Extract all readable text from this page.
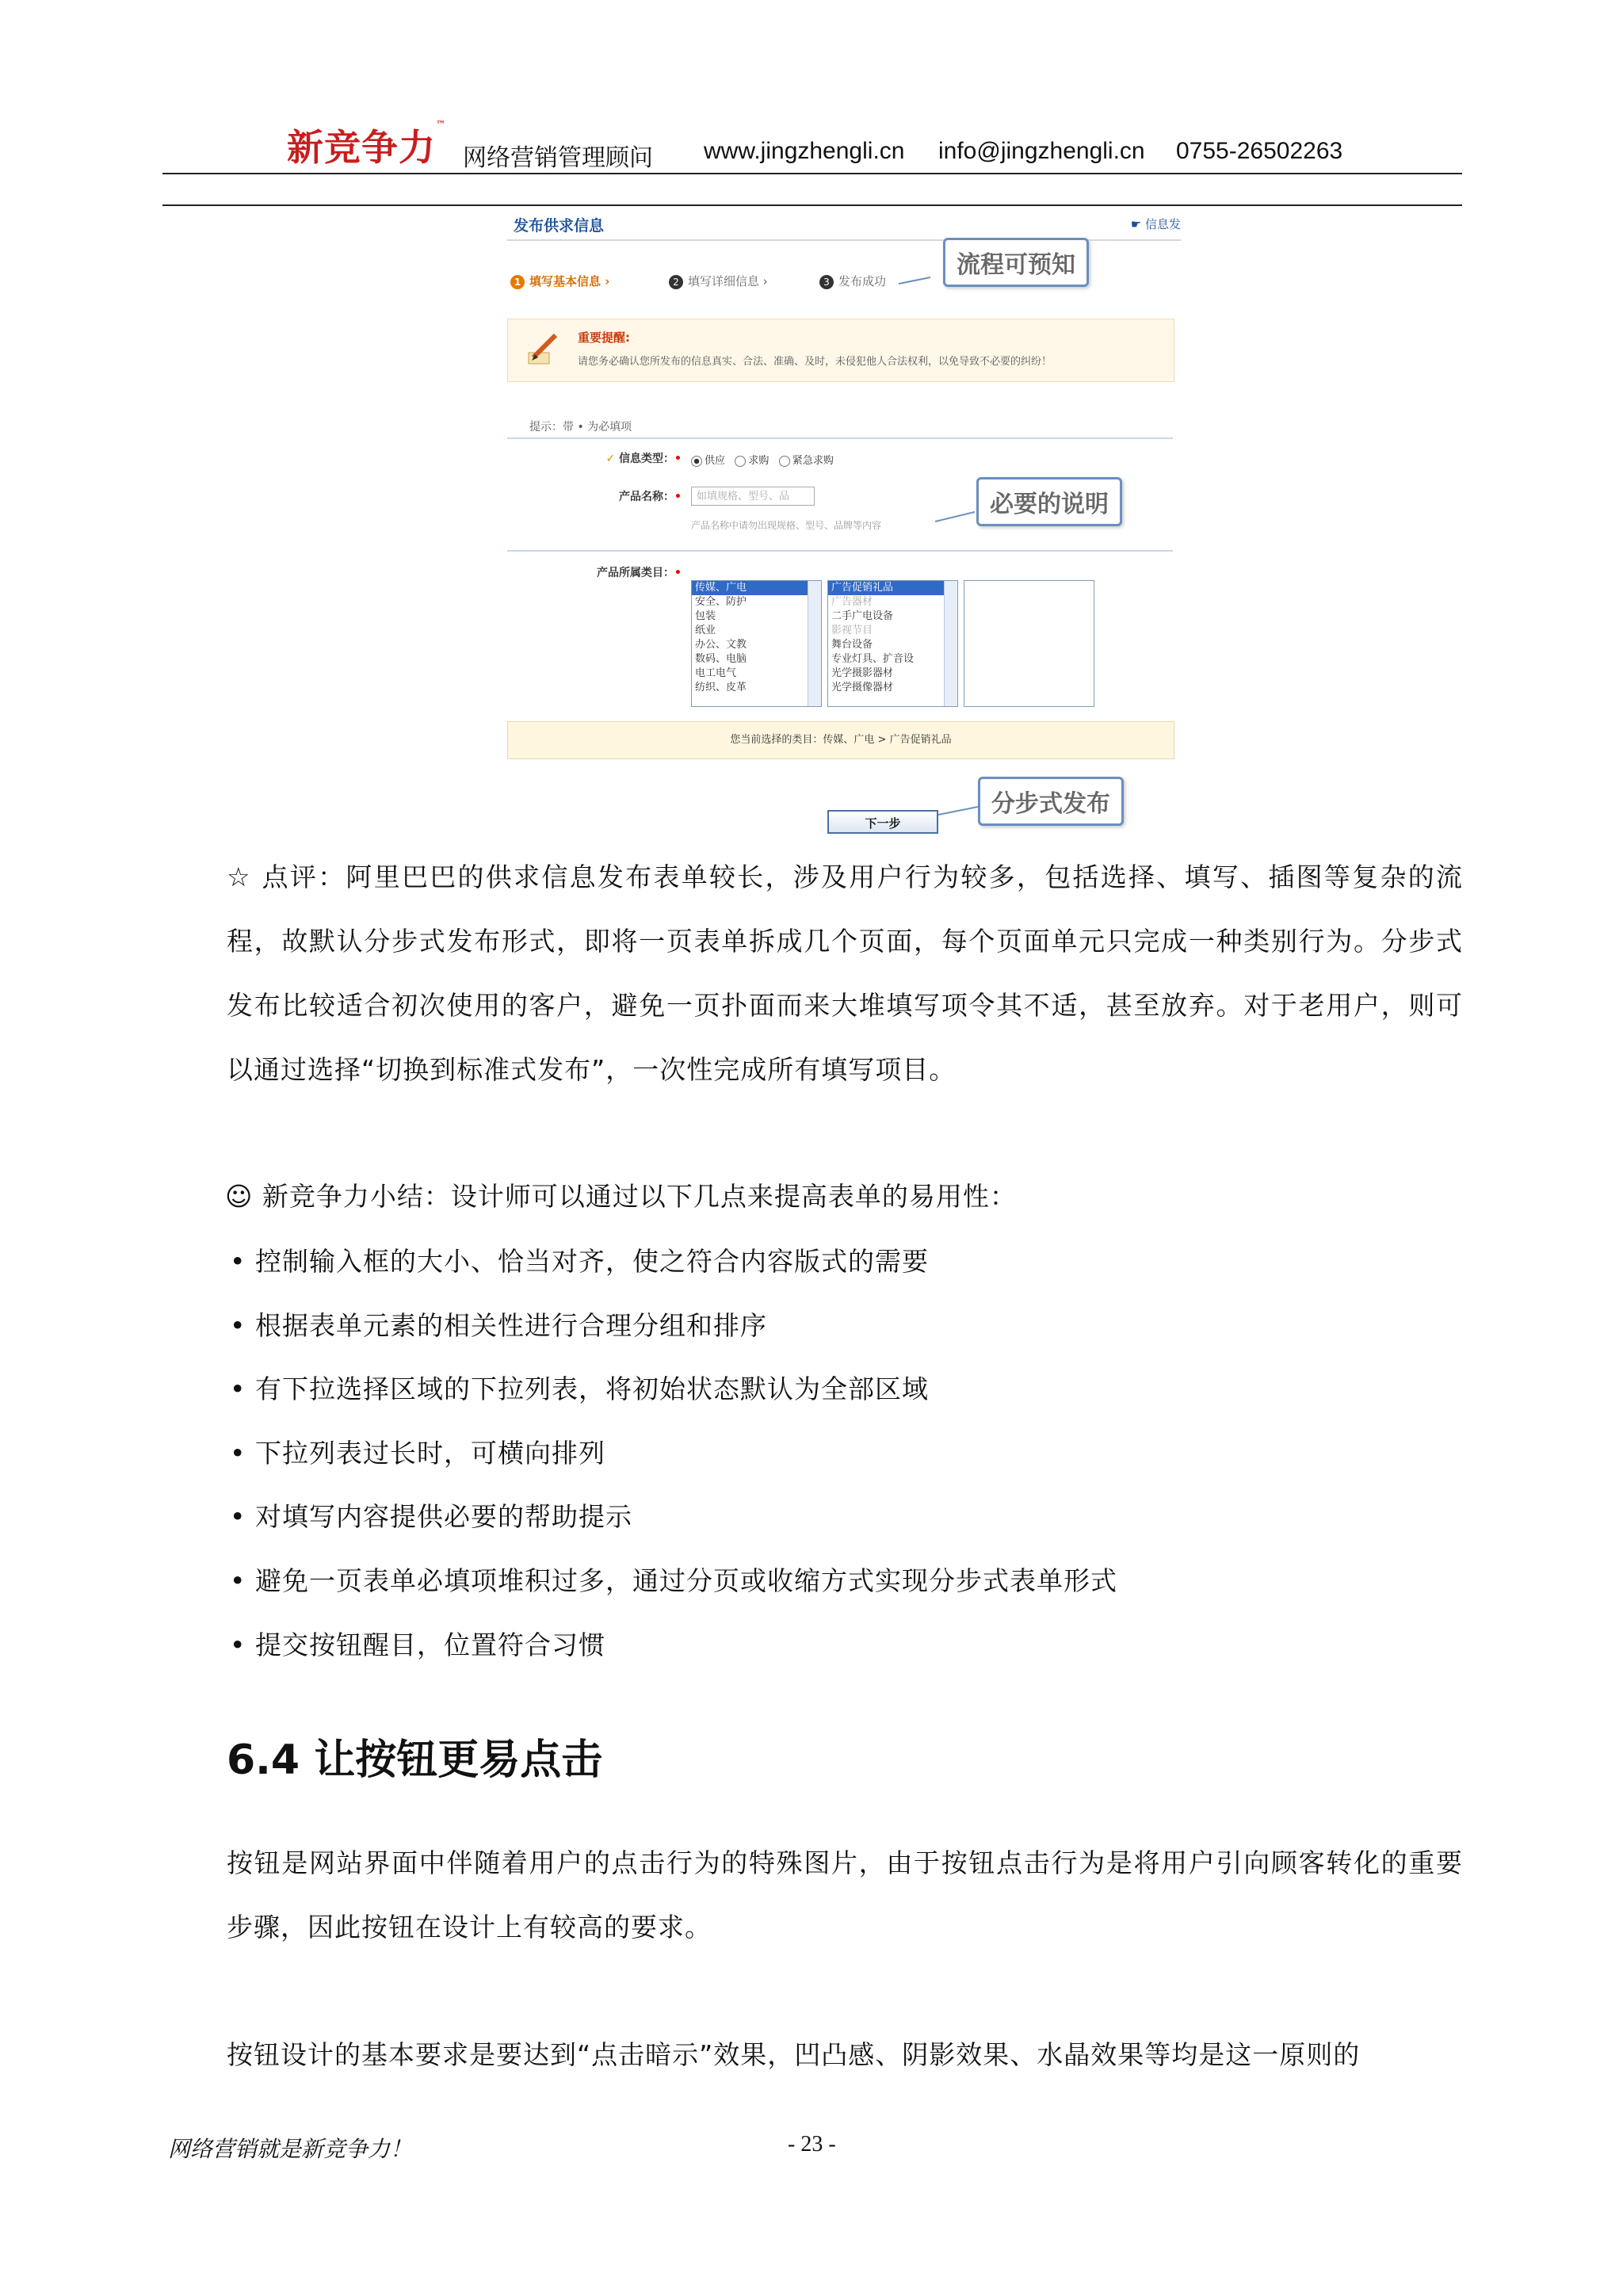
新竞争力™
网络营销管理顾问 www.jingzhengli.cn info@jingzhengli.cn 0755-26502263
发布供求信息	☛ 信息发
1 填写基本信息 ›	2 填写详细信息 ›	3 发布成功
流程可预知
重要提醒:
请您务必确认您所发布的信息真实、合法、准确、及时，未侵犯他人合法权利，以免导致不必要的纠纷！
提示：带 • 为必填项
✓ 信息类型：•	供应 求购 紧急求购
产品名称：•	如填规格、型号、品
产品名称中请勿出现规格、型号、品牌等内容
必要的说明
产品所属类目：•
传媒、广电
安全、防护
包装
纸业
办公、文教
数码、电脑
电工电气
纺织、皮革
广告促销礼品
广告器材
二手广电设备
影视节目
舞台设备
专业灯具、扩音设
光学摄影器材
光学摄像器材
您当前选择的类目：传媒、广电 > 广告促销礼品
下一步
分步式发布
☆ 点评：阿里巴巴的供求信息发布表单较长，涉及用户行为较多，包括选择、填写、插图等复杂的流程，故默认分步式发布形式，即将一页表单拆成几个页面，每个页面单元只完成一种类别行为。分步式发布比较适合初次使用的客户，避免一页扑面而来大堆填写项令其不适，甚至放弃。对于老用户，则可以通过选择“切换到标准式发布”，一次性完成所有填写项目。
☺ 新竞争力小结：设计师可以通过以下几点来提高表单的易用性：
• 控制输入框的大小、恰当对齐，使之符合内容版式的需要
• 根据表单元素的相关性进行合理分组和排序
• 有下拉选择区域的下拉列表，将初始状态默认为全部区域
• 下拉列表过长时，可横向排列
• 对填写内容提供必要的帮助提示
• 避免一页表单必填项堆积过多，通过分页或收缩方式实现分步式表单形式
• 提交按钮醒目，位置符合习惯
6.4 让按钮更易点击
按钮是网站界面中伴随着用户的点击行为的特殊图片，由于按钮点击行为是将用户引向顾客转化的重要步骤，因此按钮在设计上有较高的要求。
按钮设计的基本要求是要达到“点击暗示”效果，凹凸感、阴影效果、水晶效果等均是这一原则的
网络营销就是新竞争力！	- 23 -
